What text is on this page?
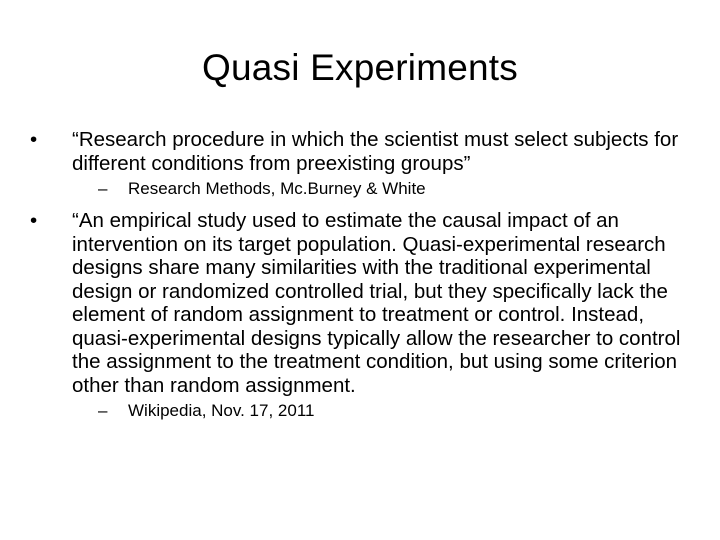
Quasi Experiments
•	“Research procedure in which the scientist must select subjects for different conditions from preexisting groups”
– Research Methods, Mc.Burney & White
•	“An empirical study used to estimate the causal impact of an intervention on its target population. Quasi-experimental research designs share many similarities with the traditional experimental design or randomized controlled trial, but they specifically lack the element of random assignment to treatment or control. Instead, quasi-experimental designs typically allow the researcher to control the assignment to the treatment condition, but using some criterion other than random assignment.
– Wikipedia, Nov. 17, 2011
